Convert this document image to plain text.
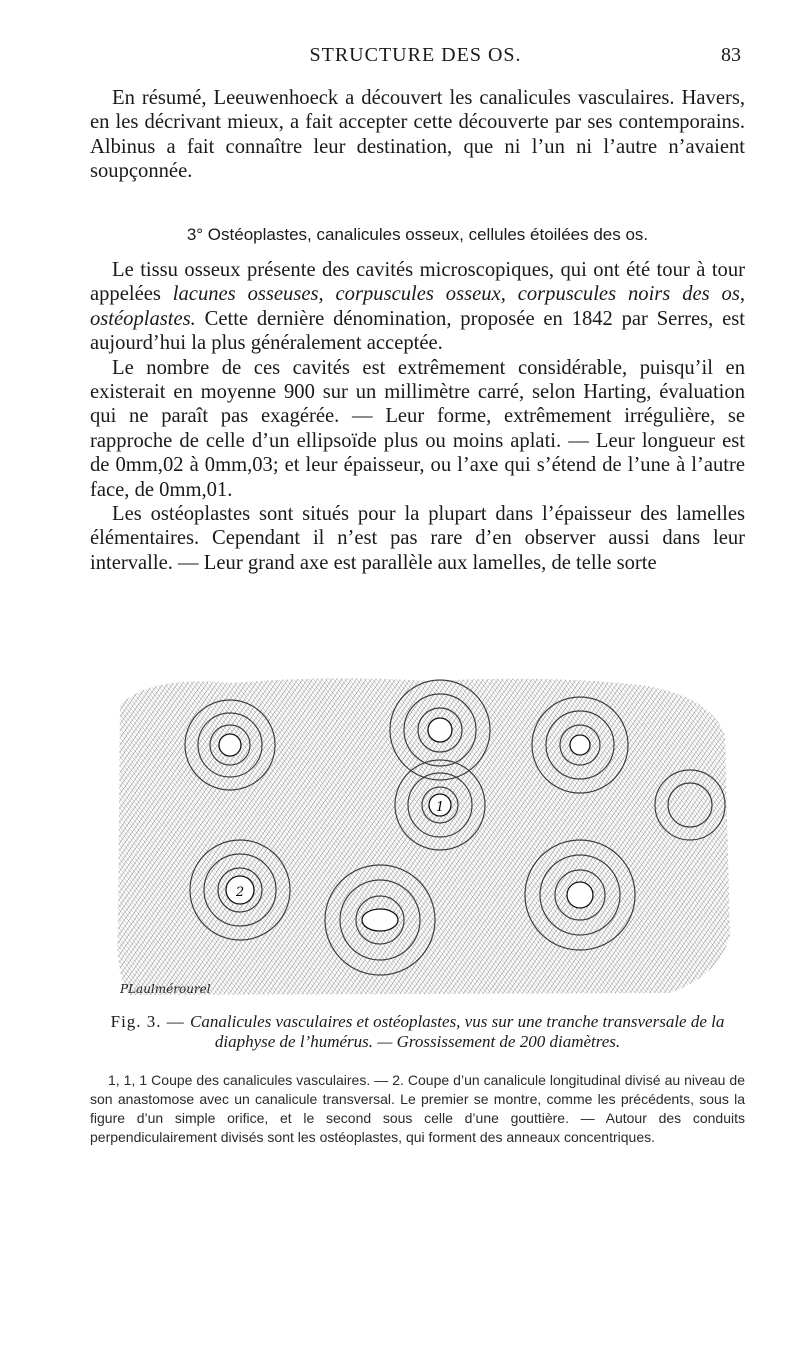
STRUCTURE DES OS.	83

En résumé, Leeuwenhoeck a découvert les canalicules vasculaires. Havers, en les décrivant mieux, a fait accepter cette découverte par ses contemporains. Albinus a fait connaître leur destination, que ni l’un ni l’autre n’avaient soupçonnée.

3° Ostéoplastes, canalicules osseux, cellules étoilées des os.

Le tissu osseux présente des cavités microscopiques, qui ont été tour à tour appelées lacunes osseuses, corpuscules osseux, corpuscules noirs des os, ostéoplastes. Cette dernière dénomination, proposée en 1842 par Serres, est aujourd’hui la plus généralement acceptée.

Le nombre de ces cavités est extrêmement considérable, puisqu’il en existerait en moyenne 900 sur un millimètre carré, selon Harting, évaluation qui ne paraît pas exagérée. — Leur forme, extrêmement irrégulière, se rapproche de celle d’un ellipsoïde plus ou moins aplati. — Leur longueur est de 0mm,02 à 0mm,03; et leur épaisseur, ou l’axe qui s’étend de l’une à l’autre face, de 0mm,01.

Les ostéoplastes sont situés pour la plupart dans l’épaisseur des lamelles élémentaires. Cependant il n’est pas rare d’en observer aussi dans leur intervalle. — Leur grand axe est parallèle aux lamelles, de telle sorte

1
2
PLaulmérourel
Fig. 3. — Canalicules vasculaires et ostéoplastes, vus sur une tranche transversale de la diaphyse de l’humérus. — Grossissement de 200 diamètres.

1, 1, 1 Coupe des canalicules vasculaires. — 2. Coupe d’un canalicule longitudinal divisé au niveau de son anastomose avec un canalicule transversal. Le premier se montre, comme les précédents, sous la figure d’un simple orifice, et le second sous celle d’une gouttière. — Autour des conduits perpendiculairement divisés sont les ostéoplastes, qui forment des anneaux concentriques.
